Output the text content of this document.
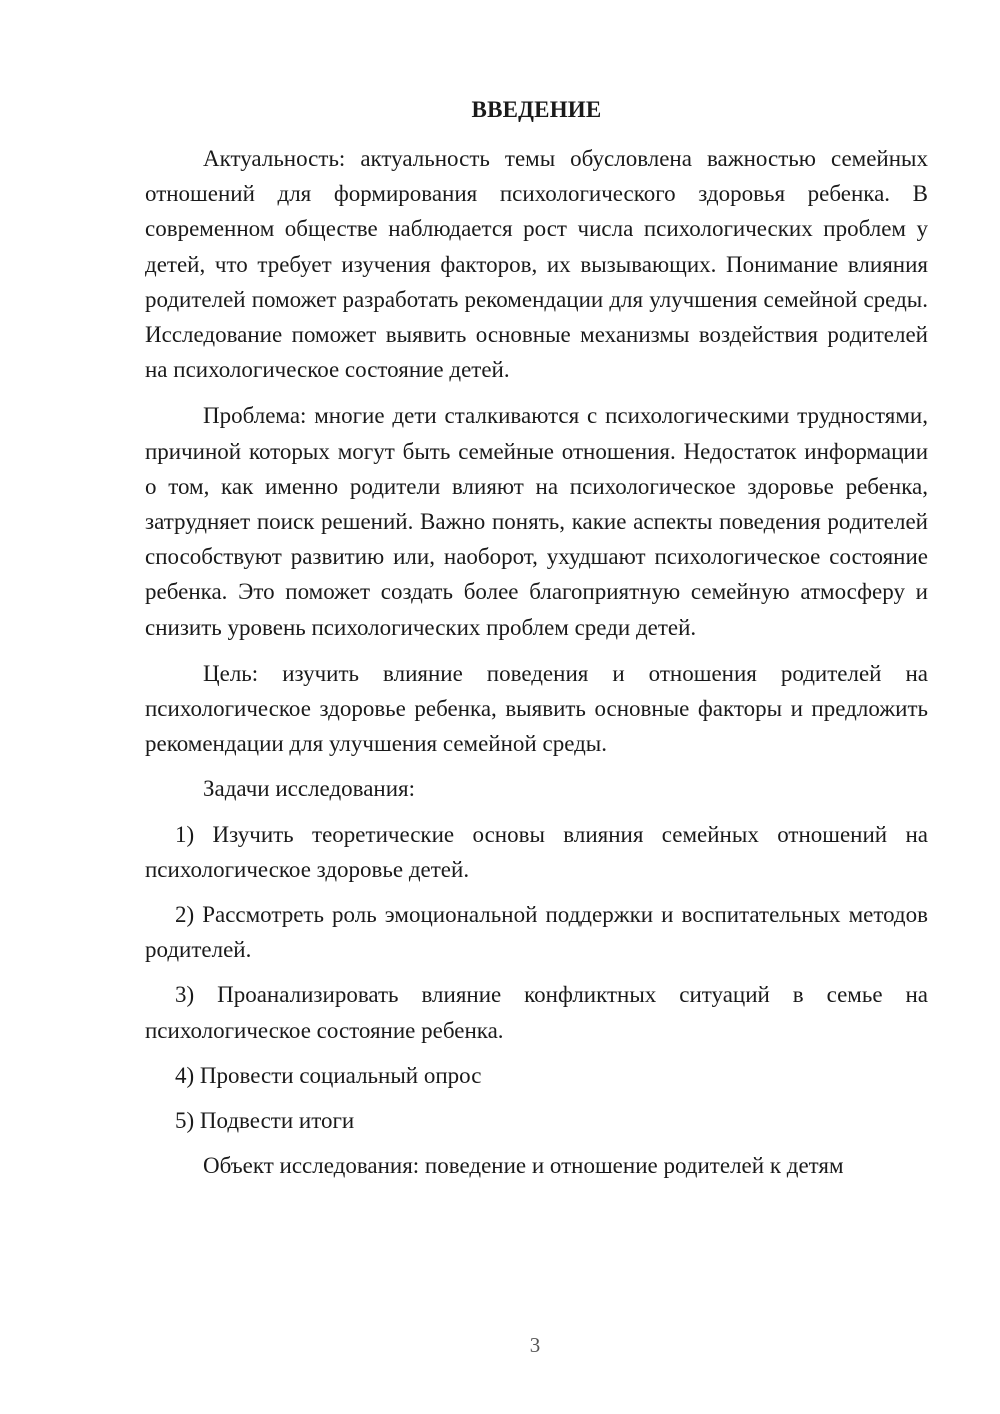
ВВЕДЕНИЕ

Актуальность: актуальность темы обусловлена важностью семейных отношений для формирования психологического здоровья ребенка. В современном обществе наблюдается рост числа психологических проблем у детей, что требует изучения факторов, их вызывающих. Понимание влияния родителей поможет разработать рекомендации для улучшения семейной среды. Исследование поможет выявить основные механизмы воздействия родителей на психологическое состояние детей.

Проблема: многие дети сталкиваются с психологическими трудностями, причиной которых могут быть семейные отношения. Недостаток информации о том, как именно родители влияют на психологическое здоровье ребенка, затрудняет поиск решений. Важно понять, какие аспекты поведения родителей способствуют развитию или, наоборот, ухудшают психологическое состояние ребенка. Это поможет создать более благоприятную семейную атмосферу и снизить уровень психологических проблем среди детей.

Цель: изучить влияние поведения и отношения родителей на психологическое здоровье ребенка, выявить основные факторы и предложить рекомендации для улучшения семейной среды.

Задачи исследования:

1) Изучить теоретические основы влияния семейных отношений на психологическое здоровье детей.

2) Рассмотреть роль эмоциональной поддержки и воспитательных методов родителей.

3) Проанализировать влияние конфликтных ситуаций в семье на психологическое состояние ребенка.

4) Провести социальный опрос

5) Подвести итоги

Объект исследования: поведение и отношение родителей к детям

3
